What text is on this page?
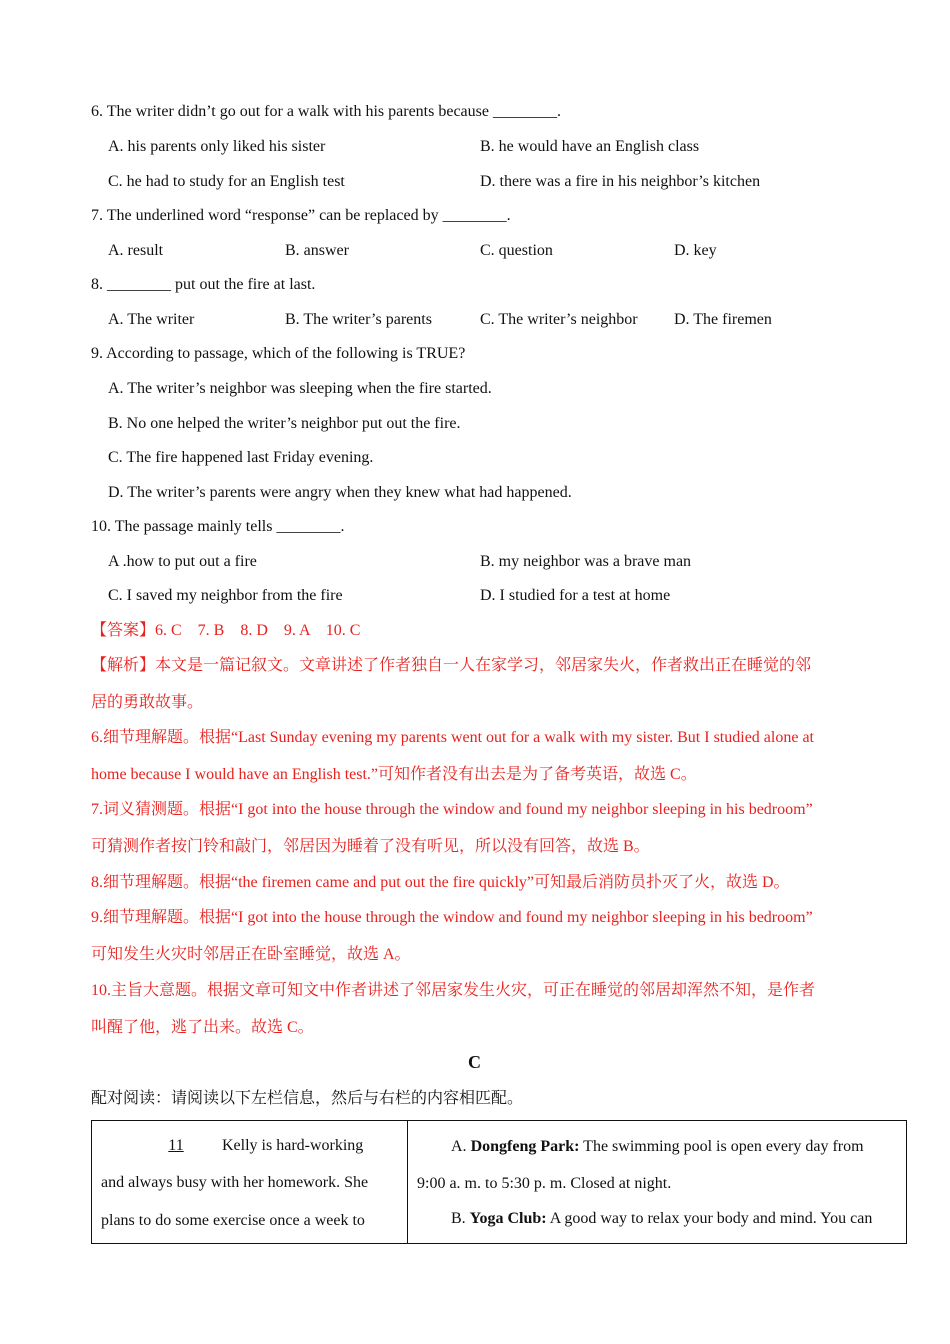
6. The writer didn’t go out for a walk with his parents because ________.
A. his parents only liked his sister	B. he would have an English class
C. he had to study for an English test	D. there was a fire in his neighbor’s kitchen
7. The underlined word “response” can be replaced by ________.
A. result	B. answer	C. question	D. key
8. ________ put out the fire at last.
A. The writer	B. The writer’s parents	C. The writer’s neighbor D. The firemen
9. According to passage, which of the following is TRUE?
A. The writer’s neighbor was sleeping when the fire started.
B. No one helped the writer’s neighbor put out the fire.
C. The fire happened last Friday evening.
D. The writer’s parents were angry when they knew what had happened.
10. The passage mainly tells ________.
A .how to put out a fire	B. my neighbor was a brave man
C. I saved my neighbor from the fire	D. I studied for a test at home
【答案】6. C    7. B    8. D    9. A    10. C
【解析】本文是一篇记叙文。文章讲述了作者独自一人在家学习，邻居家失火，作者救出正在睡觉的邻
居的勇敢故事。
6.细节理解题。根据“Last Sunday evening my parents went out for a walk with my sister. But I studied alone at
home because I would have an English test.”可知作者没有出去是为了备考英语，故选 C。
7.词义猜测题。根据“I got into the house through the window and found my neighbor sleeping in his bedroom”
可猜测作者按门铃和敲门，邻居因为睡着了没有听见，所以没有回答，故选 B。
8.细节理解题。根据“the firemen came and put out the fire quickly”可知最后消防员扑灭了火，故选 D。
9.细节理解题。根据“I got into the house through the window and found my neighbor sleeping in his bedroom”
可知发生火灾时邻居正在卧室睡觉，故选 A。
10.主旨大意题。根据文章可知文中作者讲述了邻居家发生火灾，可正在睡觉的邻居却浑然不知，是作者
叫醒了他，逃了出来。故选 C。
C
配对阅读：请阅读以下左栏信息，然后与右栏的内容相匹配。
11 Kelly is hard-working
and always busy with her homework. She
plans to do some exercise once a week to

A. Dongfeng Park: The swimming pool is open every day from
9:00 a. m. to 5:30 p. m. Closed at night.
B. Yoga Club: A good way to relax your body and mind. You can
